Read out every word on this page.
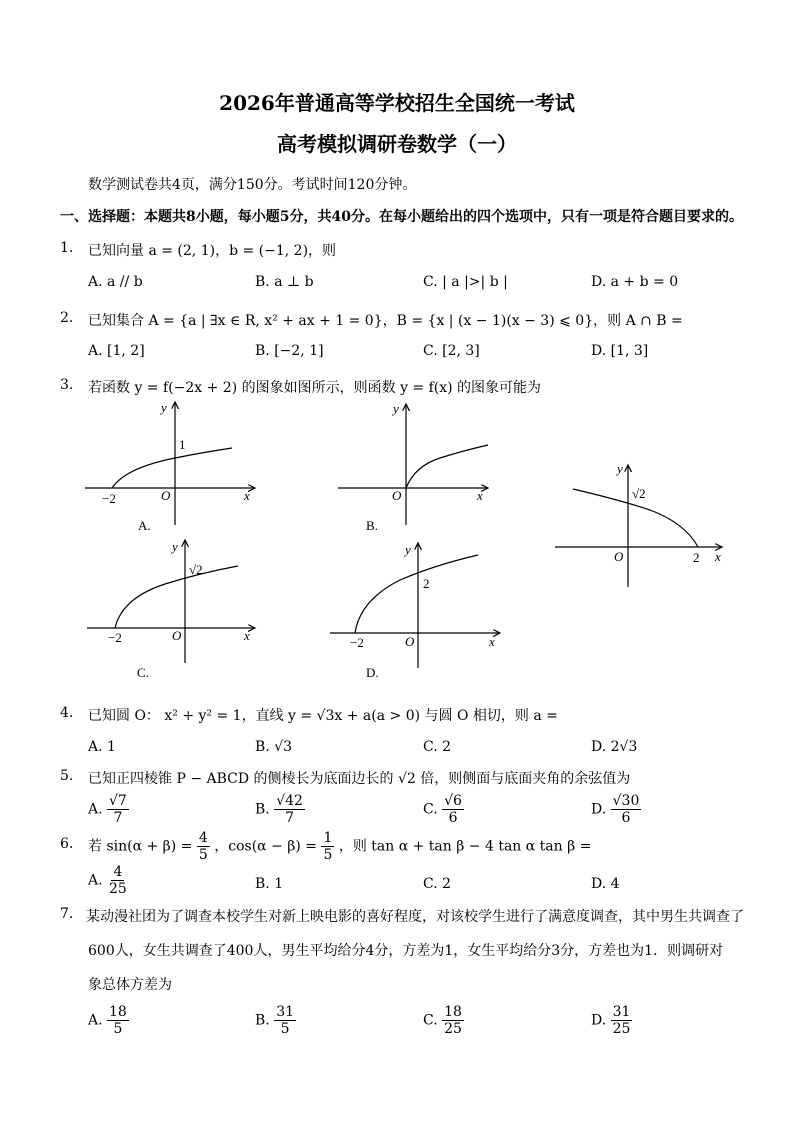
2026年普通高等学校招生全国统一考试
高考模拟调研卷数学（一）
数学测试卷共4页，满分150分。考试时间120分钟。
一、选择题：本题共8小题，每小题5分，共40分。在每小题给出的四个选项中，只有一项是符合题目要求的。
1. 已知向量 a = (2, 1)，b = (−1, 2)，则
A. a // b	B. a ⊥ b	C. | a |>| b |	D. a + b = 0
2. 已知集合 A = {a | ∃x ∈ R, x² + ax + 1 = 0}，B = {x | (x − 1)(x − 3) ⩽ 0}，则 A ∩ B =
A. [1, 2]	B. [−2, 1]	C. [2, 3]	D. [1, 3]
3. 若函数 y = f(−2x + 2) 的图象如图所示，则函数 y = f(x) 的图象可能为
y
x
O
−2
1
A.
y
x
O
B.
y
x
O
√2
2
y
x
O
−2
√2
C.
y
x
O
−2
2
D.
4. 已知圆 O： x² + y² = 1，直线 y = √3x + a(a > 0) 与圆 O 相切，则 a =
A. 1	B. √3	C. 2	D. 2√3
5. 已知正四棱锥 P − ABCD 的侧棱长为底面边长的 √2 倍，则侧面与底面夹角的余弦值为
A. $\frac{√7}{7}$	B. $\frac{√42}{7}$	C. $\frac{√6}{6}$	D. $\frac{√30}{6}$
6. 若 $\sin(\alpha + \beta) = \frac{4}{5}$ ，$\cos(\alpha - \beta) = \frac{1}{5}$ ，则 tan α + tan β − 4 tan α tan β =
A. $\frac{4}{25}$	B. 1	C. 2	D. 4
7. 某动漫社团为了调查本校学生对新上映电影的喜好程度，对该校学生进行了满意度调查，其中男生共调查了
600人，女生共调查了400人，男生平均给分4分，方差为1，女生平均给分3分，方差也为1．则调研对
象总体方差为
A. $\frac{18}{5}$	B. $\frac{31}{5}$	C. $\frac{18}{25}$	D. $\frac{31}{25}$
